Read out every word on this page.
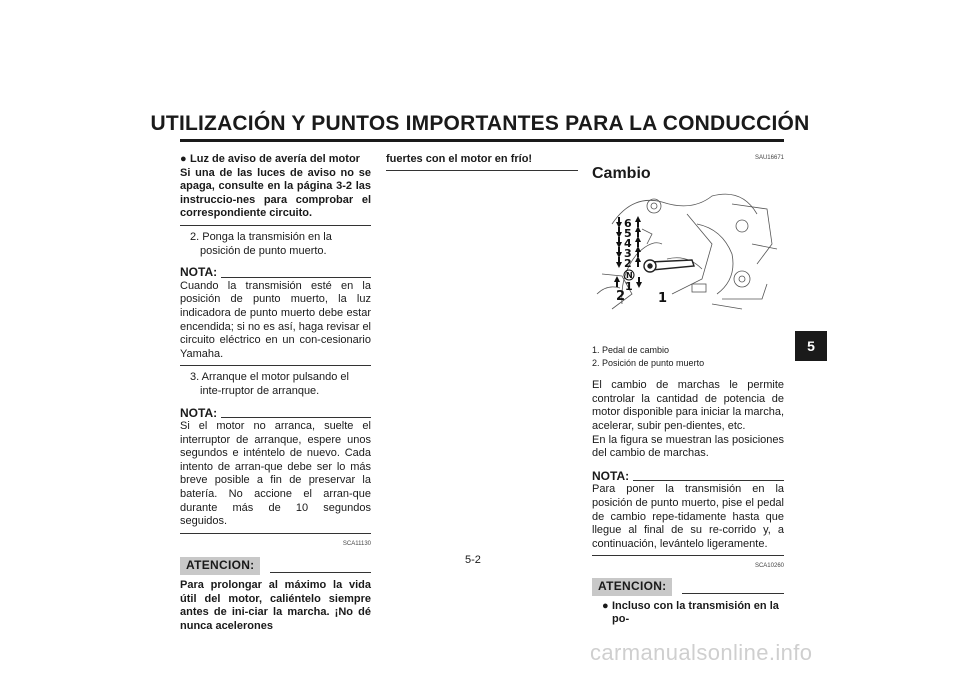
UTILIZACIÓN Y PUNTOS IMPORTANTES PARA LA CONDUCCIÓN
5
● Luz de aviso de avería del motor
Si una de las luces de aviso no se apaga, consulte en la página 3-2 las instruccio-nes para comprobar el correspondiente circuito.
2. Ponga la transmisión en la posición de punto muerto.
NOTA:
Cuando la transmisión esté en la posición de punto muerto, la luz indicadora de punto muerto debe estar encendida; si no es así, haga revisar el circuito eléctrico en un con-cesionario Yamaha.
3. Arranque el motor pulsando el inte-rruptor de arranque.
NOTA:
Si el motor no arranca, suelte el interruptor de arranque, espere unos segundos e inténtelo de nuevo. Cada intento de arran-que debe ser lo más breve posible a fin de preservar la batería. No accione el arran-que durante más de 10 segundos seguidos.
SCA11130
ATENCION:
Para prolongar al máximo la vida útil del motor, caliéntelo siempre antes de ini-ciar la marcha. ¡No dé nunca acelerones
fuertes con el motor en frío!	SAU16671
Cambio
6
5
4
3
2
N
1
2	1
1. Pedal de cambio
2. Posición de punto muerto
El cambio de marchas le permite controlar la cantidad de potencia de motor disponible para iniciar la marcha, acelerar, subir pen-dientes, etc.
En la figura se muestran las posiciones del cambio de marchas.
NOTA:
Para poner la transmisión en la posición de punto muerto, pise el pedal de cambio repe-tidamente hasta que llegue al final de su re-corrido y, a continuación, levántelo ligeramente.
SCA10260
ATENCION:
● Incluso con la transmisión en la po-
5-2
carmanualsonline.info
